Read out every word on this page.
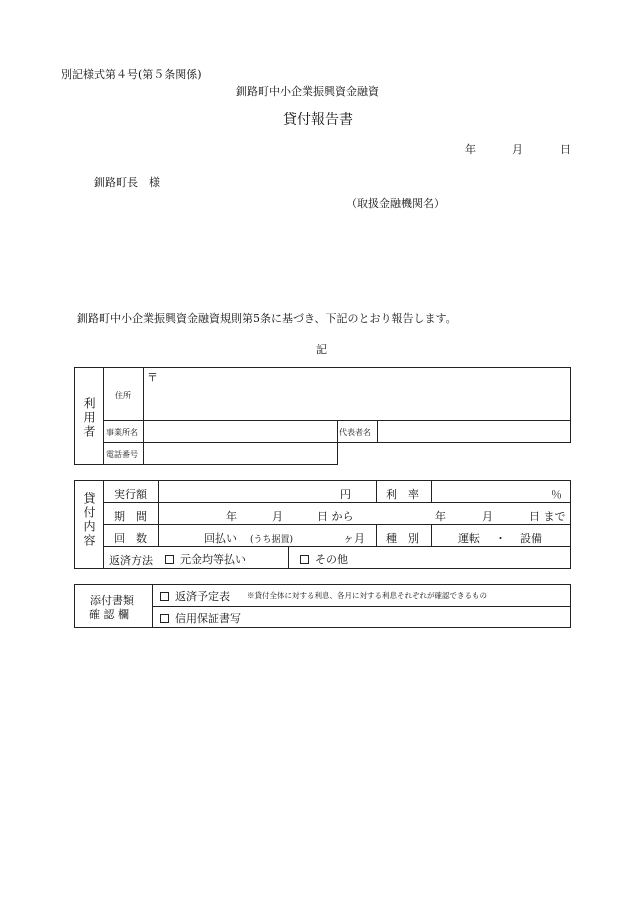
別記様式第４号(第５条関係)
釧路町中小企業振興資金融資
貸付報告書
年	月	日
釧路町長　様
（取扱金融機関名）
釧路町中小企業振興資金融資規則第5条に基づき、下記のとおり報告します。
記
利用者
住所
〒
事業所名	代表者名
電話番号
貸付内容 実行額	円	利　率	％
期　間	年	月	日 から	年	月	日 まで
回　数	回払い (うち据置)	ヶ月 種　別	運転 ・ 設備
返済方法	元金均等払い	その他
添付書類
確 認 欄
返済予定表 ※貸付全体に対する利息、各月に対する利息それぞれが確認できるもの
信用保証書写
